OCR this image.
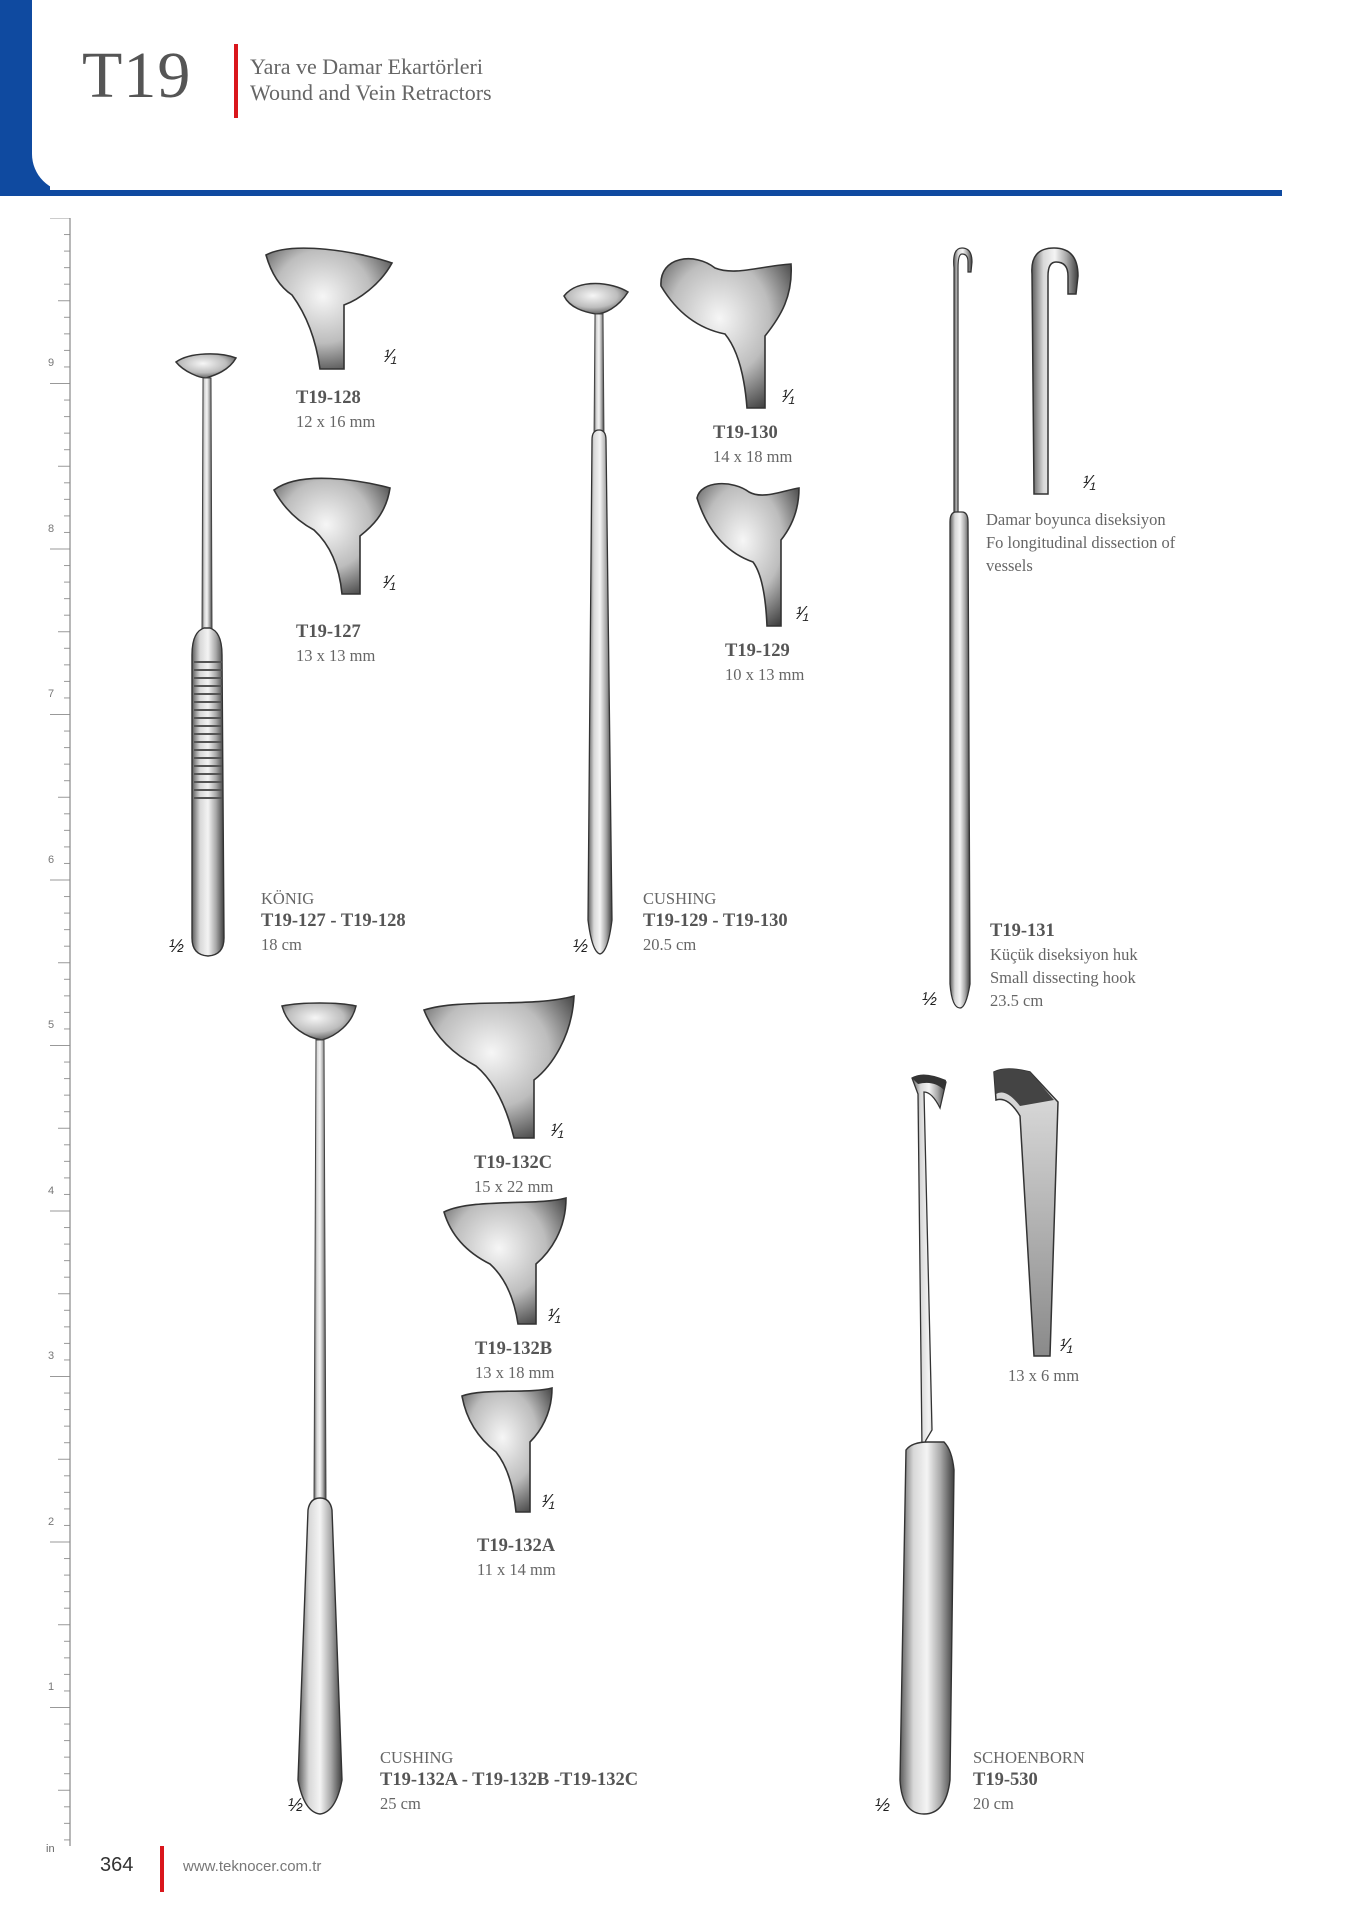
T19	Yara ve Damar Ekartörleri
Wound and Vein Retractors
9
8
7
6
5
4
3
2
1
in
¹⁄₁
T19-128
12 x 16 mm
¹⁄₁
T19-127
13 x 13 mm
½
KÖNIG
T19-127 - T19-128
18 cm
¹⁄₁
T19-130
14 x 18 mm
¹⁄₁
T19-129
10 x 13 mm
½
CUSHING
T19-129 - T19-130
20.5 cm
¹⁄₁
Damar boyunca diseksiyon
Fo longitudinal dissection of
vessels
½
T19-131
Küçük diseksiyon huk
Small dissecting hook
23.5 cm
¹⁄₁
T19-132C
15 x 22 mm
¹⁄₁
T19-132B
13 x 18 mm
¹⁄₁
T19-132A
11 x 14 mm
½
CUSHING
T19-132A - T19-132B -T19-132C
25 cm
¹⁄₁
13 x 6 mm
½
SCHOENBORN
T19-530
20 cm
364	www.teknocer.com.tr
